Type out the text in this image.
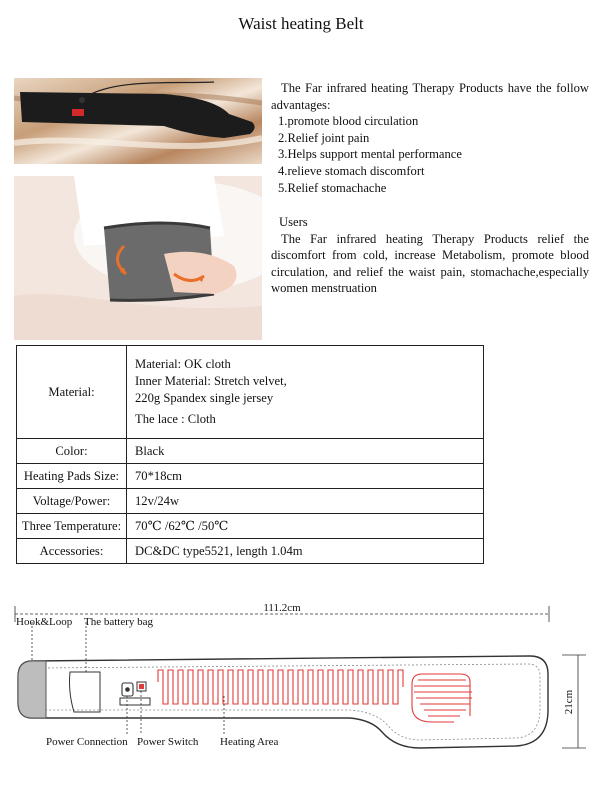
Waist heating Belt
The Far infrared heating Therapy Products have the follow advantages:
1.promote blood circulation
2.Relief joint pain
3.Helps support mental performance
4.relieve stomach discomfort
5.Relief stomachache
Users
The Far infrared heating Therapy Products relief the discomfort from cold, increase Metabolism, promote blood circulation, and relief the waist pain, stomachache,especially women menstruation
Material:	Material: OK cloth
Inner Material: Stretch velvet,
220g Spandex single jersey
The lace : Cloth

Color:	Black
Heating Pads Size:	70*18cm
Voltage/Power:	12v/24w
Three Temperature:	70℃ /62℃ /50℃
Accessories:	DC&DC type5521, length 1.04m
111.2cm
21cm
Hook&Loop The battery bag
Power Connection Power Switch Heating Area
